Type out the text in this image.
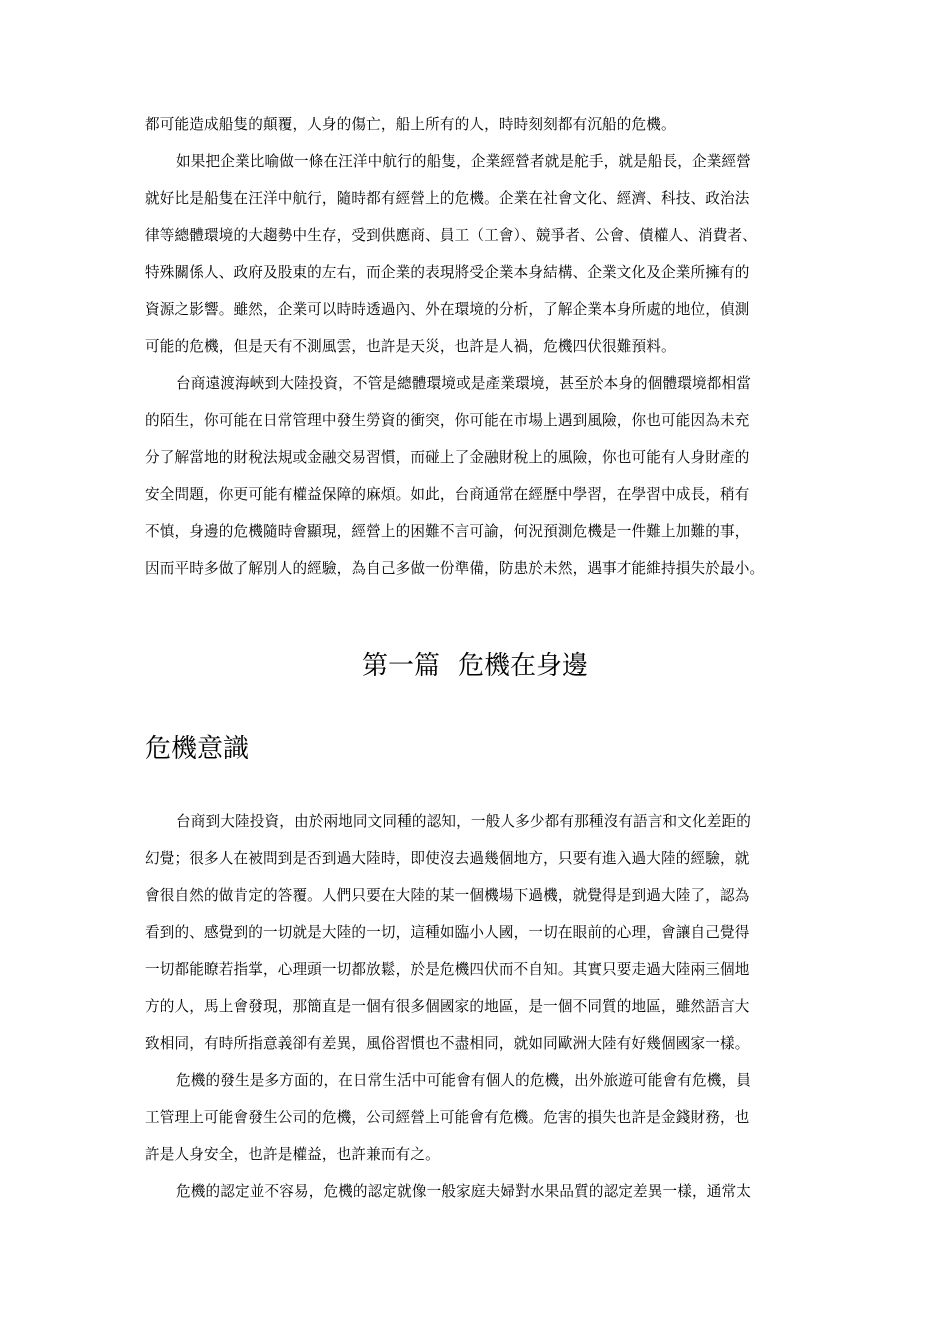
都可能造成船隻的顛覆，人身的傷亡，船上所有的人，時時刻刻都有沉船的危機。
如果把企業比喻做一條在汪洋中航行的船隻，企業經營者就是舵手，就是船長，企業經營
就好比是船隻在汪洋中航行，隨時都有經營上的危機。企業在社會文化、經濟、科技、政治法
律等總體環境的大趨勢中生存，受到供應商、員工（工會）、競爭者、公會、債權人、消費者、
特殊關係人、政府及股東的左右，而企業的表現將受企業本身結構、企業文化及企業所擁有的
資源之影響。雖然，企業可以時時透過內、外在環境的分析，了解企業本身所處的地位，偵測
可能的危機，但是天有不測風雲，也許是天災，也許是人禍，危機四伏很難預料。
台商遠渡海峽到大陸投資，不管是總體環境或是產業環境，甚至於本身的個體環境都相當
的陌生，你可能在日常管理中發生勞資的衝突，你可能在市場上遇到風險，你也可能因為未充
分了解當地的財稅法規或金融交易習慣，而碰上了金融財稅上的風險，你也可能有人身財產的
安全問題，你更可能有權益保障的麻煩。如此，台商通常在經歷中學習，在學習中成長，稍有
不慎，身邊的危機隨時會顯現，經營上的困難不言可諭，何況預測危機是一件難上加難的事，
因而平時多做了解別人的經驗，為自己多做一份準備，防患於未然，遇事才能維持損失於最小。
第一篇 危機在身邊
危機意識
台商到大陸投資，由於兩地同文同種的認知，一般人多少都有那種沒有語言和文化差距的
幻覺；很多人在被問到是否到過大陸時，即使沒去過幾個地方，只要有進入過大陸的經驗，就
會很自然的做肯定的答覆。人們只要在大陸的某一個機場下過機，就覺得是到過大陸了，認為
看到的、感覺到的一切就是大陸的一切，這種如臨小人國，一切在眼前的心理，會讓自己覺得
一切都能瞭若指掌，心理頭一切都放鬆，於是危機四伏而不自知。其實只要走過大陸兩三個地
方的人，馬上會發現，那簡直是一個有很多個國家的地區，是一個不同質的地區，雖然語言大
致相同，有時所指意義卻有差異，風俗習慣也不盡相同，就如同歐洲大陸有好幾個國家一樣。
危機的發生是多方面的，在日常生活中可能會有個人的危機，出外旅遊可能會有危機，員
工管理上可能會發生公司的危機，公司經營上可能會有危機。危害的損失也許是金錢財務，也
許是人身安全，也許是權益，也許兼而有之。
危機的認定並不容易，危機的認定就像一般家庭夫婦對水果品質的認定差異一樣，通常太
